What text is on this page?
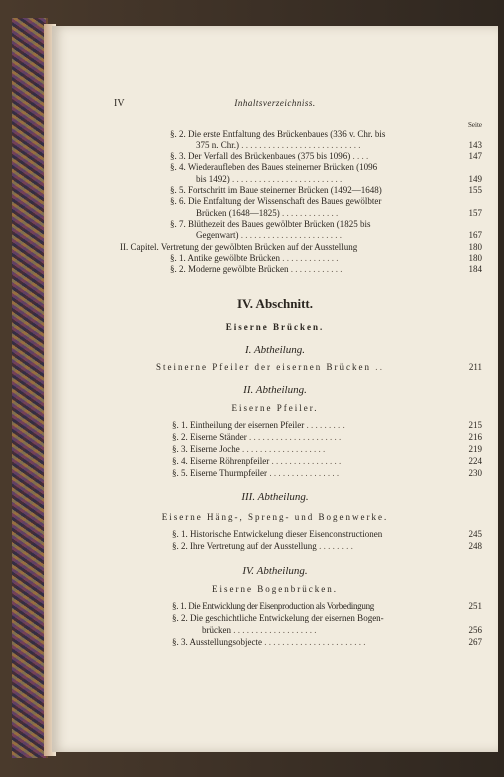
IV	Inhaltsverzeichniss.
Seite
§. 2. Die erste Entfaltung des Brückenbaues (336 v. Chr. bis
375 n. Chr.) . . . . . . . . . . . . . . . . . . . . . . . . . . .	143
§. 3. Der Verfall des Brückenbaues (375 bis 1096) . . . .	147
§. 4. Wiederaufleben des Baues steinerner Brücken (1096
bis 1492) . . . . . . . . . . . . . . . . . . . . . . . . .	149
§. 5. Fortschritt im Baue steinerner Brücken (1492—1648)	155
§. 6. Die Entfaltung der Wissenschaft des Baues gewölbter
Brücken (1648—1825) . . . . . . . . . . . . .	157
§. 7. Blüthezeit des Baues gewölbter Brücken (1825 bis
Gegenwart) . . . . . . . . . . . . . . . . . . . . . . .	167
II. Capitel. Vertretung der gewölbten Brücken auf der Ausstellung	180
§. 1. Antike gewölbte Brücken . . . . . . . . . . . . .	180
§. 2. Moderne gewölbte Brücken . . . . . . . . . . . .	184
IV. Abschnitt.
Eiserne Brücken.
I. Abtheilung.
Steinerne Pfeiler der eisernen Brücken . .	211
II. Abtheilung.
Eiserne Pfeiler.
§. 1. Eintheilung der eisernen Pfeiler . . . . . . . . .	215
§. 2. Eiserne Ständer . . . . . . . . . . . . . . . . . . . . .	216
§. 3. Eiserne Joche . . . . . . . . . . . . . . . . . . .	219
§. 4. Eiserne Röhrenpfeiler . . . . . . . . . . . . . . . .	224
§. 5. Eiserne Thurmpfeiler . . . . . . . . . . . . . . . .	230
III. Abtheilung.
Eiserne Häng-, Spreng- und Bogenwerke.
§. 1. Historische Entwickelung dieser Eisenconstructionen	245
§. 2. Ihre Vertretung auf der Ausstellung . . . . . . . .	248
IV. Abtheilung.
Eiserne Bogenbrücken.
§. 1. Die Entwicklung der Eisenproduction als Vorbedingung	251
§. 2. Die geschichtliche Entwickelung der eisernen Bogen-
brücken . . . . . . . . . . . . . . . . . . .	256
§. 3. Ausstellungsobjecte . . . . . . . . . . . . . . . . . . . . . . .	267
